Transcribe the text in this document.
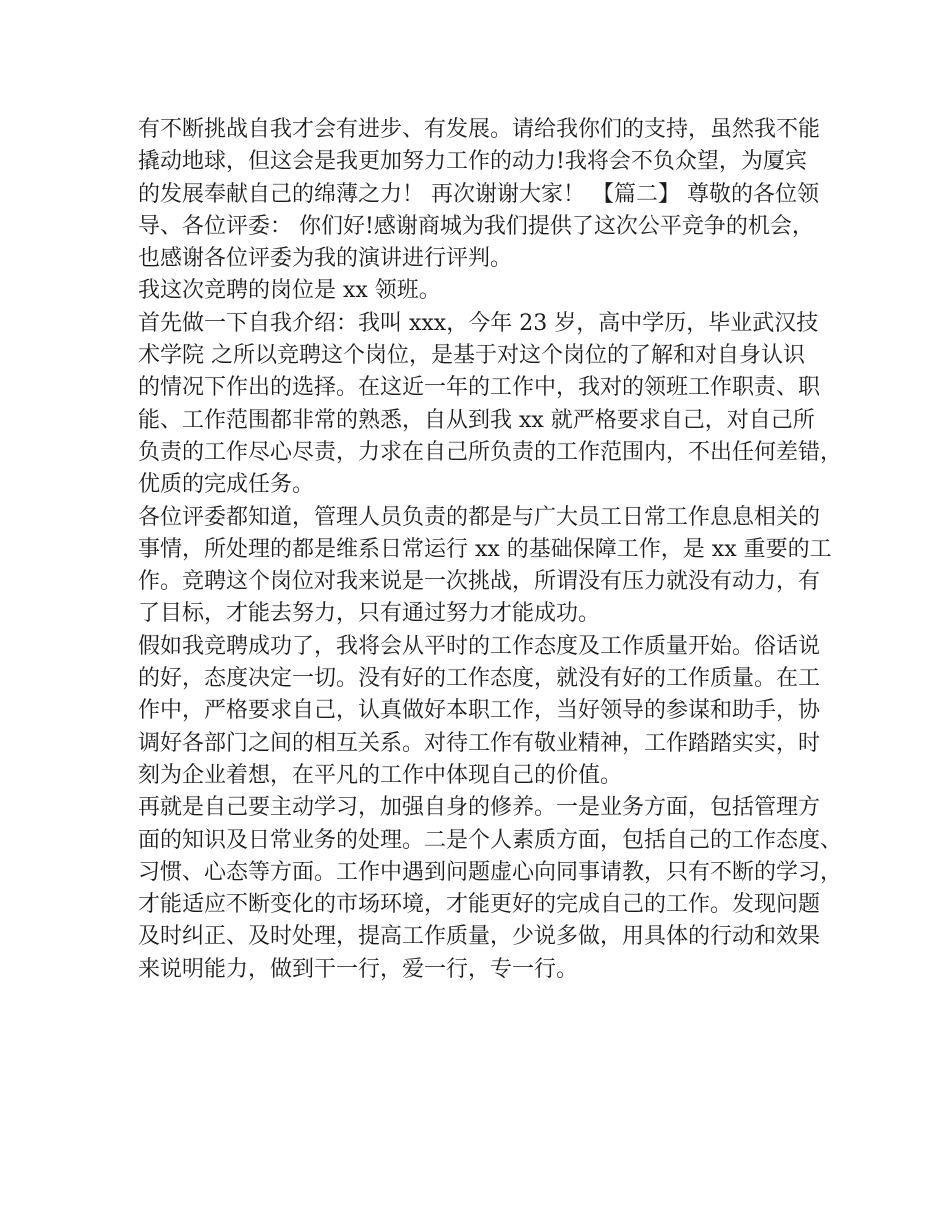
有不断挑战自我才会有进步、有发展。请给我你们的支持，虽然我不能
撬动地球，但这会是我更加努力工作的动力!我将会不负众望，为厦宾
的发展奉献自己的绵薄之力！ 再次谢谢大家！ 【篇二】 尊敬的各位领
导、各位评委： 你们好!感谢商城为我们提供了这次公平竞争的机会，
也感谢各位评委为我的演讲进行评判。
我这次竞聘的岗位是 xx 领班。
首先做一下自我介绍：我叫 xxx，今年 23 岁，高中学历，毕业武汉技
术学院 之所以竞聘这个岗位，是基于对这个岗位的了解和对自身认识
的情况下作出的选择。在这近一年的工作中，我对的领班工作职责、职
能、工作范围都非常的熟悉，自从到我 xx 就严格要求自己，对自己所
负责的工作尽心尽责，力求在自己所负责的工作范围内，不出任何差错，
优质的完成任务。
各位评委都知道，管理人员负责的都是与广大员工日常工作息息相关的
事情，所处理的都是维系日常运行 xx 的基础保障工作，是 xx 重要的工
作。竞聘这个岗位对我来说是一次挑战，所谓没有压力就没有动力，有
了目标，才能去努力，只有通过努力才能成功。
假如我竞聘成功了，我将会从平时的工作态度及工作质量开始。俗话说
的好，态度决定一切。没有好的工作态度，就没有好的工作质量。在工
作中，严格要求自己，认真做好本职工作，当好领导的参谋和助手，协
调好各部门之间的相互关系。对待工作有敬业精神，工作踏踏实实，时
刻为企业着想，在平凡的工作中体现自己的价值。
再就是自己要主动学习，加强自身的修养。一是业务方面，包括管理方
面的知识及日常业务的处理。二是个人素质方面，包括自己的工作态度、
习惯、心态等方面。工作中遇到问题虚心向同事请教，只有不断的学习，
才能适应不断变化的市场环境，才能更好的完成自己的工作。发现问题
及时纠正、及时处理，提高工作质量，少说多做，用具体的行动和效果
来说明能力，做到干一行，爱一行，专一行。
